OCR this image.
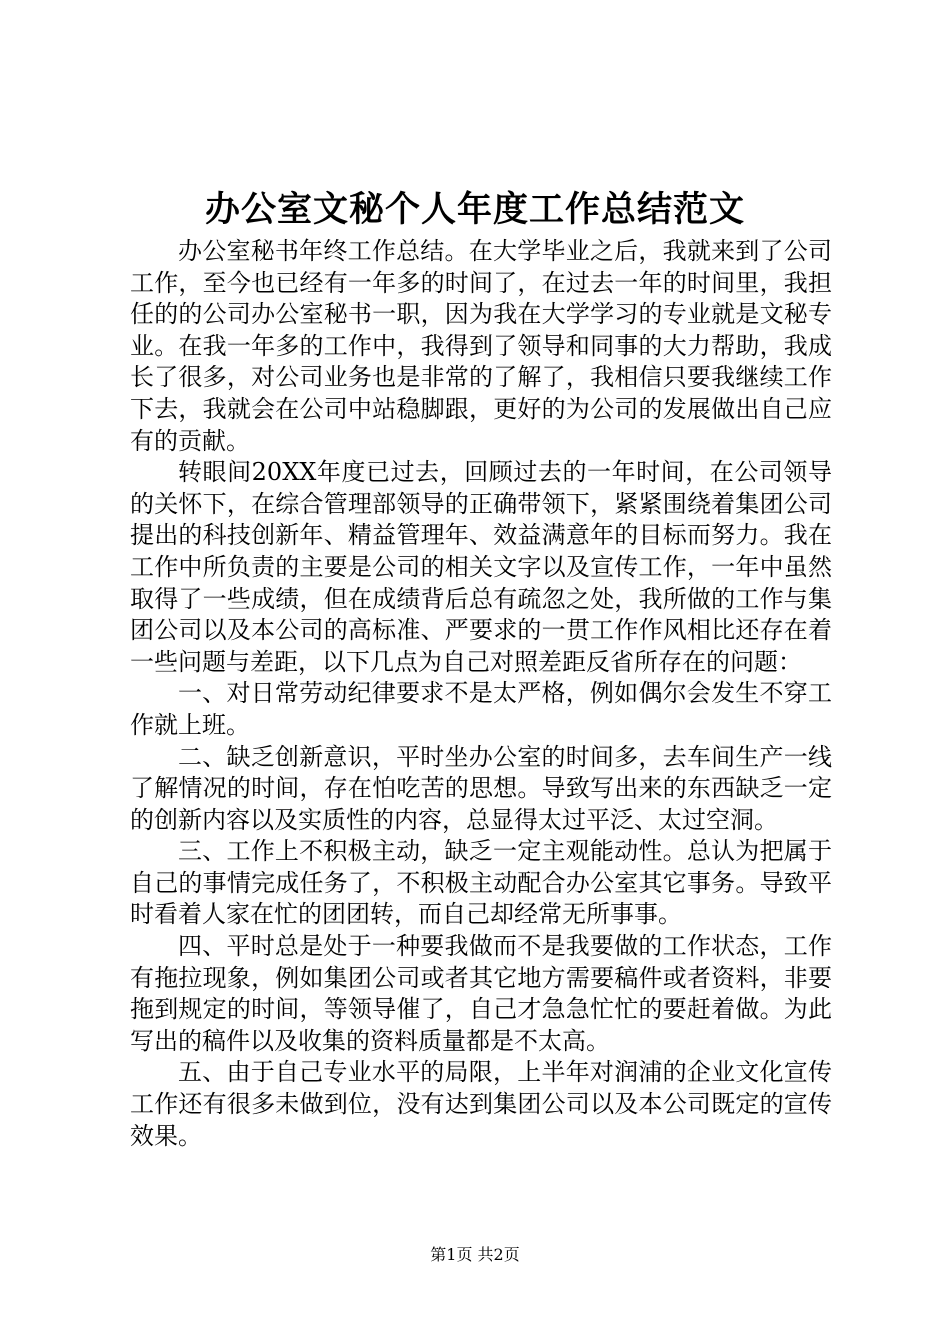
办公室文秘个人年度工作总结范文

办公室秘书年终工作总结。在大学毕业之后，我就来到了公司工作，至今也已经有一年多的时间了，在过去一年的时间里，我担任的的公司办公室秘书一职，因为我在大学学习的专业就是文秘专业。在我一年多的工作中，我得到了领导和同事的大力帮助，我成长了很多，对公司业务也是非常的了解了，我相信只要我继续工作下去，我就会在公司中站稳脚跟，更好的为公司的发展做出自己应有的贡献。

转眼间20XX年度已过去，回顾过去的一年时间，在公司领导的关怀下，在综合管理部领导的正确带领下，紧紧围绕着集团公司提出的科技创新年、精益管理年、效益满意年的目标而努力。我在工作中所负责的主要是公司的相关文字以及宣传工作，一年中虽然取得了一些成绩，但在成绩背后总有疏忽之处，我所做的工作与集团公司以及本公司的高标准、严要求的一贯工作作风相比还存在着一些问题与差距，以下几点为自己对照差距反省所存在的问题：

一、对日常劳动纪律要求不是太严格，例如偶尔会发生不穿工作就上班。

二、缺乏创新意识，平时坐办公室的时间多，去车间生产一线了解情况的时间，存在怕吃苦的思想。导致写出来的东西缺乏一定的创新内容以及实质性的内容，总显得太过平泛、太过空洞。

三、工作上不积极主动，缺乏一定主观能动性。总认为把属于自己的事情完成任务了，不积极主动配合办公室其它事务。导致平时看着人家在忙的团团转，而自己却经常无所事事。

四、平时总是处于一种要我做而不是我要做的工作状态，工作有拖拉现象，例如集团公司或者其它地方需要稿件或者资料，非要拖到规定的时间，等领导催了，自己才急急忙忙的要赶着做。为此写出的稿件以及收集的资料质量都是不太高。

五、由于自己专业水平的局限，上半年对润浦的企业文化宣传工作还有很多未做到位，没有达到集团公司以及本公司既定的宣传效果。

第1页 共2页
